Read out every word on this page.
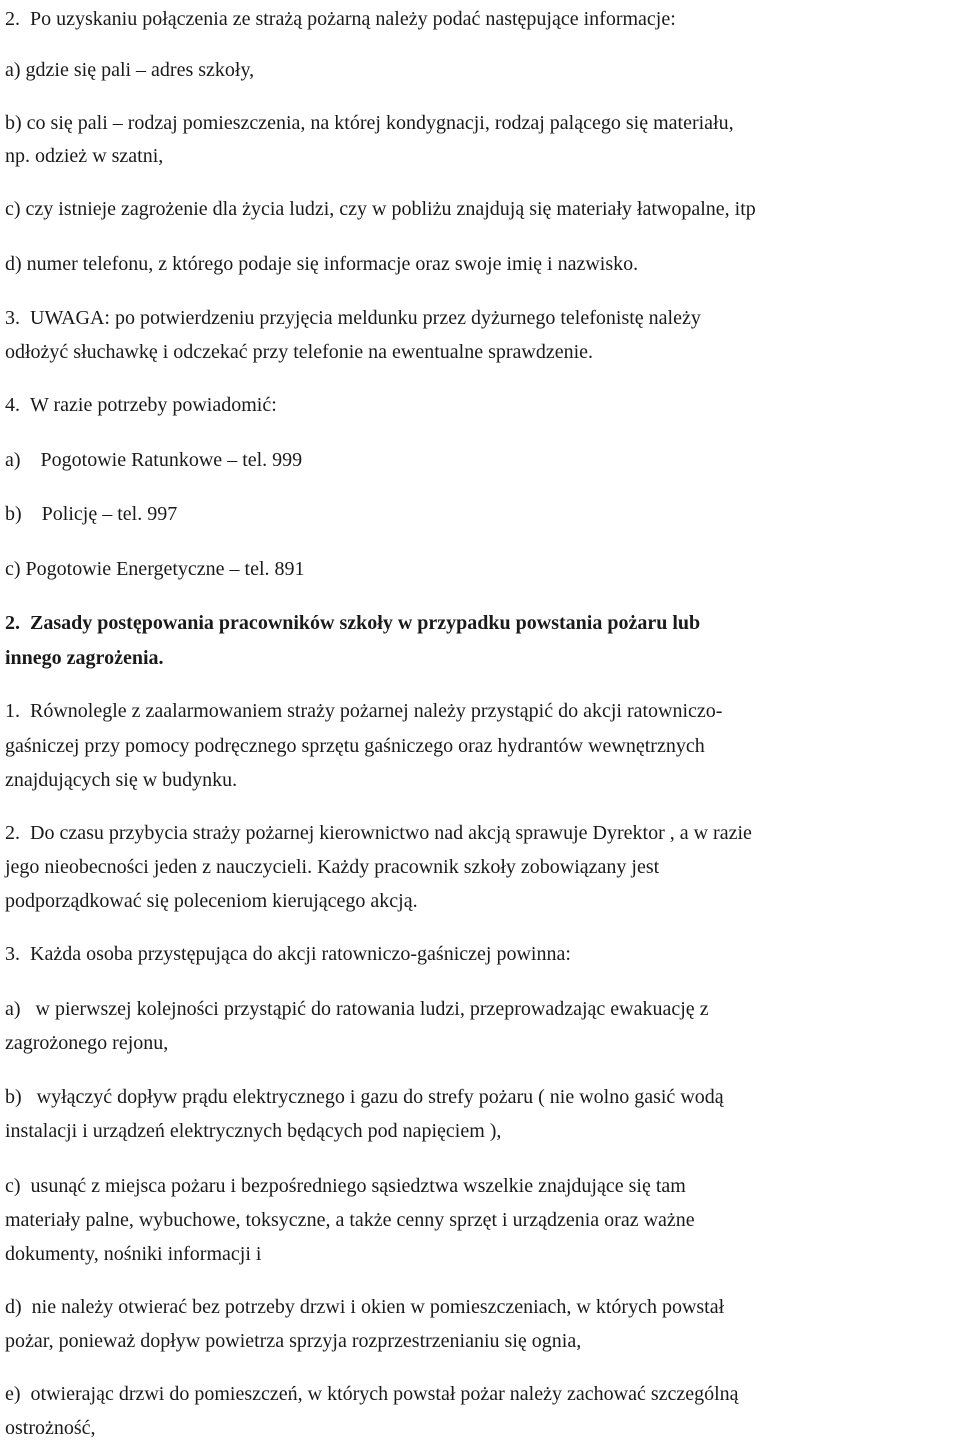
2.  Po uzyskaniu połączenia ze strażą pożarną należy podać następujące informacje:
a) gdzie się pali – adres szkoły,
b) co się pali – rodzaj pomieszczenia, na której kondygnacji, rodzaj palącego się materiału,
np. odzież w szatni,
c) czy istnieje zagrożenie dla życia ludzi, czy w pobliżu znajdują się materiały łatwopalne, itp
d) numer telefonu, z którego podaje się informacje oraz swoje imię i nazwisko.
3.  UWAGA: po potwierdzeniu przyjęcia meldunku przez dyżurnego telefonistę należy
odłożyć słuchawkę i odczekać przy telefonie na ewentualne sprawdzenie.
4.  W razie potrzeby powiadomić:
a)    Pogotowie Ratunkowe – tel. 999
b)    Policję – tel. 997
c) Pogotowie Energetyczne – tel. 891
2.  Zasady postępowania pracowników szkoły w przypadku powstania pożaru lub
innego zagrożenia.
1.  Równolegle z zaalarmowaniem straży pożarnej należy przystąpić do akcji ratowniczo-
gaśniczej przy pomocy podręcznego sprzętu gaśniczego oraz hydrantów wewnętrznych
znajdujących się w budynku.
2.  Do czasu przybycia straży pożarnej kierownictwo nad akcją sprawuje Dyrektor , a w razie
jego nieobecności jeden z nauczycieli. Każdy pracownik szkoły zobowiązany jest
podporządkować się poleceniom kierującego akcją.
3.  Każda osoba przystępująca do akcji ratowniczo-gaśniczej powinna:
a)   w pierwszej kolejności przystąpić do ratowania ludzi, przeprowadzając ewakuację z
zagrożonego rejonu,
b)   wyłączyć dopływ prądu elektrycznego i gazu do strefy pożaru ( nie wolno gasić wodą
instalacji i urządzeń elektrycznych będących pod napięciem ),
c)  usunąć z miejsca pożaru i bezpośredniego sąsiedztwa wszelkie znajdujące się tam
materiały palne, wybuchowe, toksyczne, a także cenny sprzęt i urządzenia oraz ważne
dokumenty, nośniki informacji i
d)  nie należy otwierać bez potrzeby drzwi i okien w pomieszczeniach, w których powstał
pożar, ponieważ dopływ powietrza sprzyja rozprzestrzenianiu się ognia,
e)  otwierając drzwi do pomieszczeń, w których powstał pożar należy zachować szczególną
ostrożność,
